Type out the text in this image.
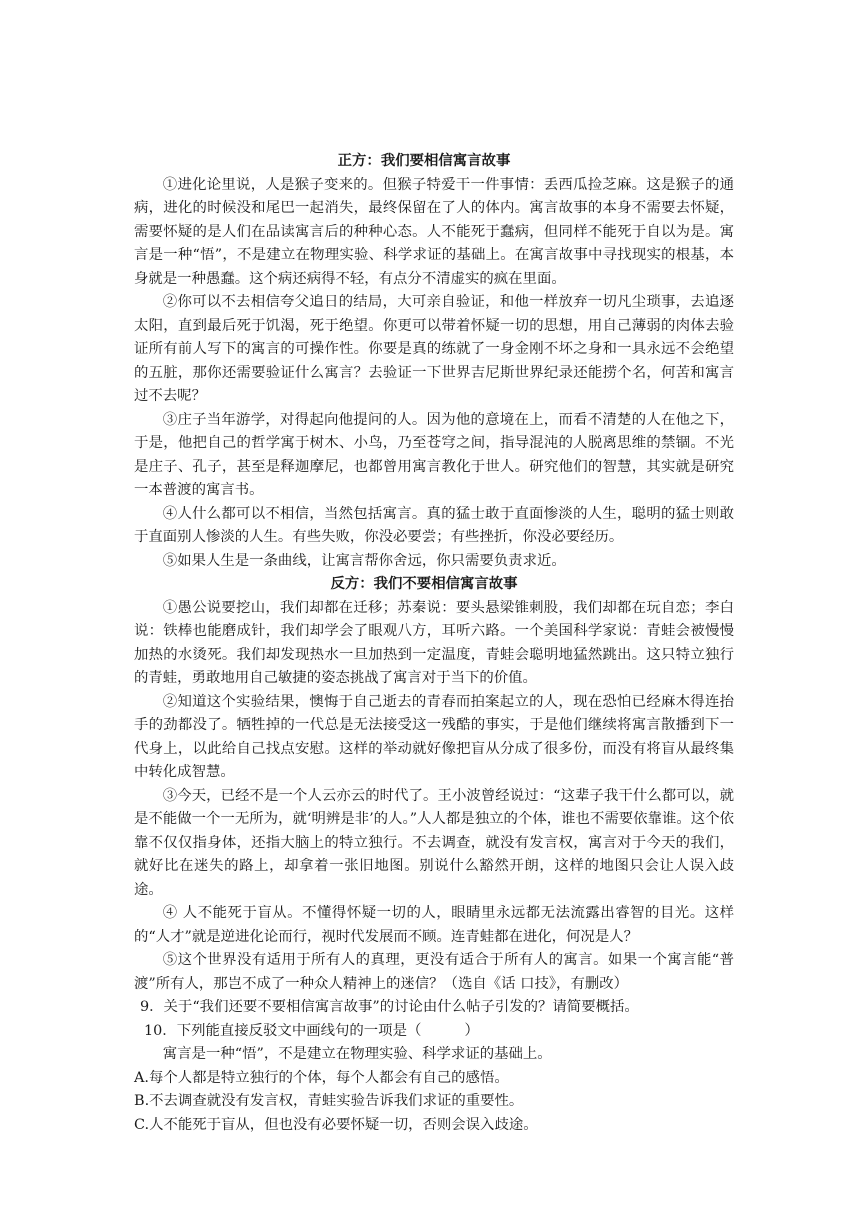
正方：我们要相信寓言故事

①进化论里说，人是猴子变来的。但猴子特爱干一件事情：丢西瓜捡芝麻。这是猴子的通病，进化的时候没和尾巴一起消失，最终保留在了人的体内。寓言故事的本身不需要去怀疑，需要怀疑的是人们在品读寓言后的种种心态。人不能死于蠢病，但同样不能死于自以为是。寓言是一种“悟”，不是建立在物理实验、科学求证的基础上。在寓言故事中寻找现实的根基，本身就是一种愚蠢。这个病还病得不轻，有点分不清虚实的疯在里面。

②你可以不去相信夸父追日的结局，大可亲自验证，和他一样放弃一切凡尘琐事，去追逐太阳，直到最后死于饥渴，死于绝望。你更可以带着怀疑一切的思想，用自己薄弱的肉体去验证所有前人写下的寓言的可操作性。你要是真的练就了一身金刚不坏之身和一具永远不会绝望的五脏，那你还需要验证什么寓言？去验证一下世界吉尼斯世界纪录还能捞个名，何苦和寓言过不去呢？

③庄子当年游学，对得起向他提问的人。因为他的意境在上，而看不清楚的人在他之下，于是，他把自己的哲学寓于树木、小鸟，乃至苍穹之间，指导混沌的人脱离思维的禁锢。不光是庄子、孔子，甚至是释迦摩尼，也都曾用寓言教化于世人。研究他们的智慧，其实就是研究一本普渡的寓言书。

④人什么都可以不相信，当然包括寓言。真的猛士敢于直面惨淡的人生，聪明的猛士则敢于直面别人惨淡的人生。有些失败，你没必要尝；有些挫折，你没必要经历。

⑤如果人生是一条曲线，让寓言帮你舍远，你只需要负责求近。

反方：我们不要相信寓言故事

①愚公说要挖山，我们却都在迁移；苏秦说：要头悬梁锥刺股，我们却都在玩自恋；李白说：铁棒也能磨成针，我们却学会了眼观八方，耳听六路。一个美国科学家说：青蛙会被慢慢加热的水烫死。我们却发现热水一旦加热到一定温度，青蛙会聪明地猛然跳出。这只特立独行的青蛙，勇敢地用自己敏捷的姿态挑战了寓言对于当下的价值。

②知道这个实验结果，懊悔于自己逝去的青春而拍案起立的人，现在恐怕已经麻木得连抬手的劲都没了。牺牲掉的一代总是无法接受这一残酷的事实，于是他们继续将寓言散播到下一代身上，以此给自己找点安慰。这样的举动就好像把盲从分成了很多份，而没有将盲从最终集中转化成智慧。

③今天，已经不是一个人云亦云的时代了。王小波曾经说过：“这辈子我干什么都可以，就是不能做一个一无所为，就‘明辨是非’的人。”人人都是独立的个体，谁也不需要依靠谁。这个依靠不仅仅指身体，还指大脑上的特立独行。不去调查，就没有发言权，寓言对于今天的我们，就好比在迷失的路上，却拿着一张旧地图。别说什么豁然开朗，这样的地图只会让人误入歧途。

④ 人不能死于盲从。不懂得怀疑一切的人，眼睛里永远都无法流露出睿智的目光。这样的“人才”就是逆进化论而行，视时代发展而不顾。连青蛙都在进化，何况是人？

⑤这个世界没有适用于所有人的真理，更没有适合于所有人的寓言。如果一个寓言能“普渡”所有人，那岂不成了一种众人精神上的迷信？（选自《话 口技》，有删改）

9．关于“我们还要不要相信寓言故事”的讨论由什么帖子引发的？请简要概括。

10．下列能直接反驳文中画线句的一项是（　　　）

寓言是一种“悟”，不是建立在物理实验、科学求证的基础上。

A.每个人都是特立独行的个体，每个人都会有自己的感悟。

B.不去调查就没有发言权，青蛙实验告诉我们求证的重要性。

C.人不能死于盲从，但也没有必要怀疑一切，否则会误入歧途。
